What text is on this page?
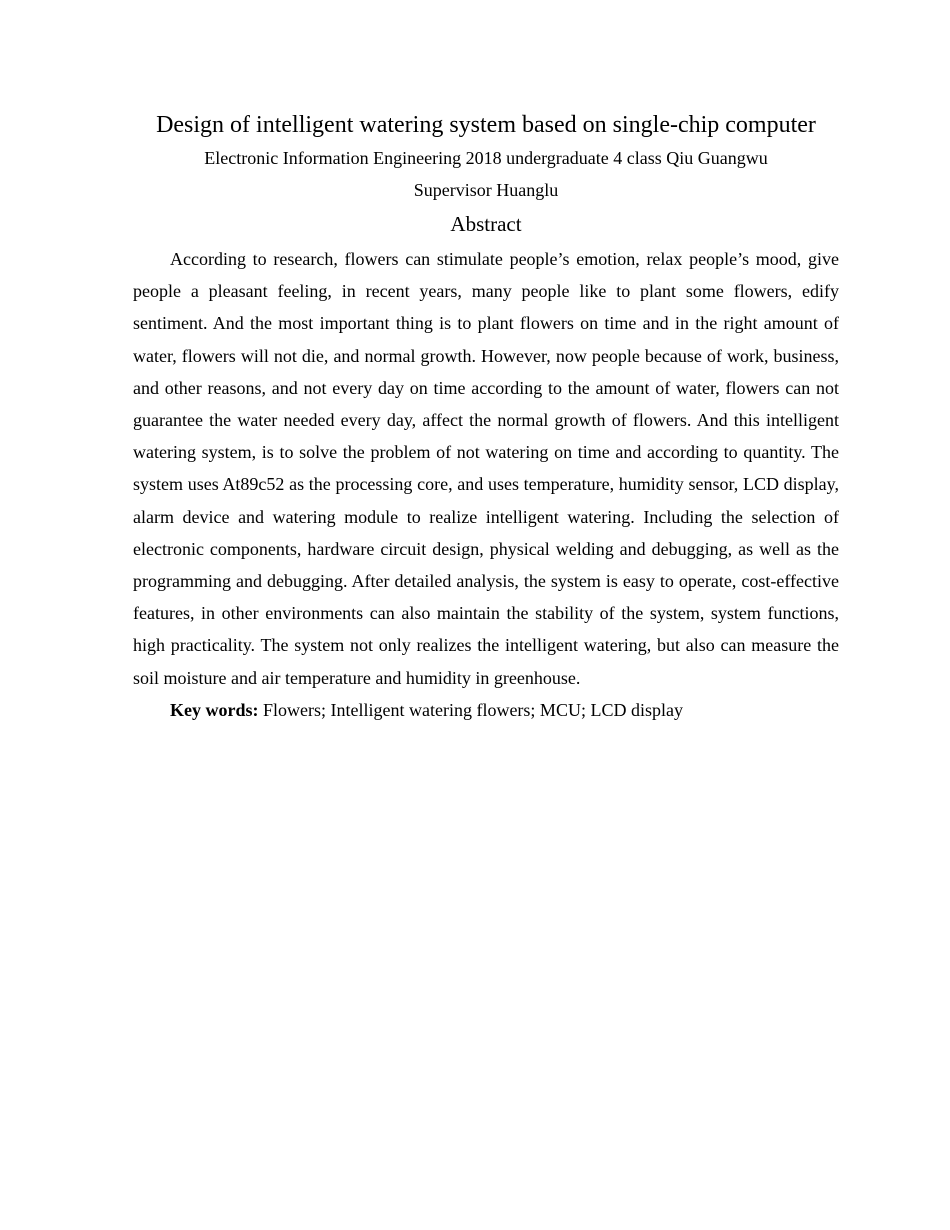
Design of intelligent watering system based on single-chip computer
Electronic Information Engineering 2018 undergraduate 4 class Qiu Guangwu
Supervisor Huanglu
Abstract
According to research, flowers can stimulate people’s emotion, relax people’s mood, give people a pleasant feeling, in recent years, many people like to plant some flowers, edify sentiment. And the most important thing is to plant flowers on time and in the right amount of water, flowers will not die, and normal growth. However, now people because of work, business, and other reasons, and not every day on time according to the amount of water, flowers can not guarantee the water needed every day, affect the normal growth of flowers. And this intelligent watering system, is to solve the problem of not watering on time and according to quantity. The system uses At89c52 as the processing core, and uses temperature, humidity sensor, LCD display, alarm device and watering module to realize intelligent watering. Including the selection of electronic components, hardware circuit design, physical welding and debugging, as well as the programming and debugging. After detailed analysis, the system is easy to operate, cost-effective features, in other environments can also maintain the stability of the system, system functions, high practicality. The system not only realizes the intelligent watering, but also can measure the soil moisture and air temperature and humidity in greenhouse.
Key words: Flowers; Intelligent watering flowers; MCU; LCD display
